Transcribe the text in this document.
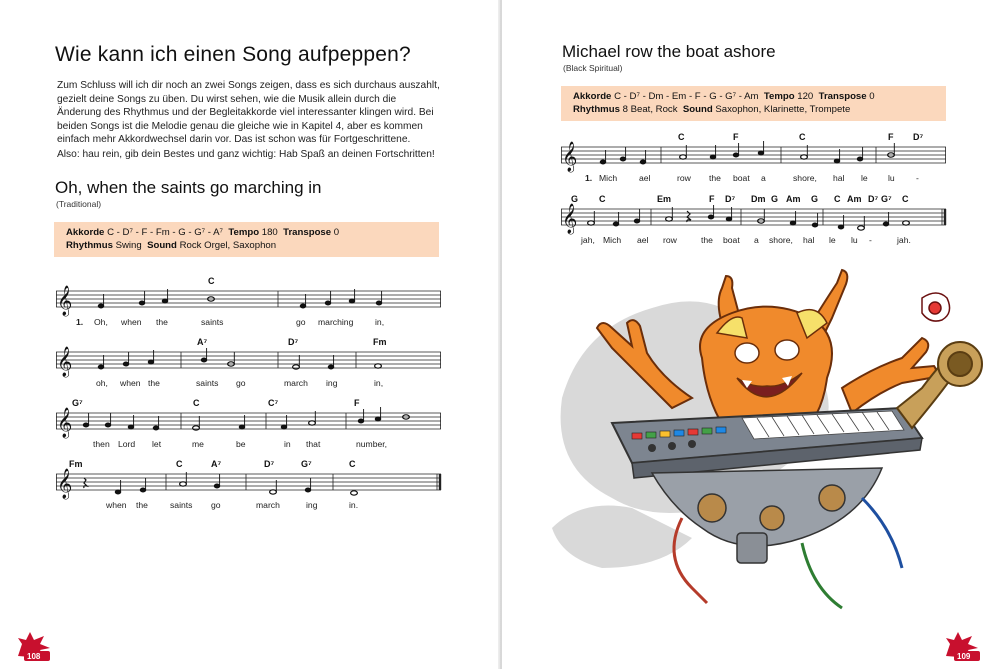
Wie kann ich einen Song aufpeppen?

Zum Schluss will ich dir noch an zwei Songs zeigen, dass es sich durchaus auszahlt, gezielt deine Songs zu üben. Du wirst sehen, wie die Musik allein durch die Änderung des Rhythmus und der Begleitakkorde viel interessanter klingen wird. Bei beiden Songs ist die Melodie genau die gleiche wie in Kapitel 4, aber es kommen einfach mehr Akkordwechsel darin vor. Das ist schon was für Fortgeschrittene.

Also: hau rein, gib dein Bestes und ganz wichtig: Hab Spaß an deinen Fortschritten!

Oh, when the saints go marching in
(Traditional)
Akkorde C - D⁷ - F - Fm - G - G⁷ - A⁷ Tempo 180 Transpose 0
Rhythmus Swing Sound Rock Orgel, Saxophon
𝄞
C
1. Oh, when the	saints	go marching	in,
𝄞
A⁷	D⁷	Fm
oh, when the	saints go	march ing	in,
𝄞
G⁷	C	C⁷	F
then Lord let	me	be	in that	number,
𝄞
Fm	C	A⁷	D⁷	G⁷	C
when the	saints go	march	ing	in.
108
Michael row the boat ashore
(Black Spiritual)
Akkorde C - D⁷ - Dm - Em - F - G - G⁷ - Am Tempo 120 Transpose 0
Rhythmus 8 Beat, Rock Sound Saxophon, Klarinette, Trompete
𝄞
C	F	C	F D⁷
1. Mich	ael	row the boat a	shore, hal le lu -
𝄞
G C	Em	F D⁷ Dm G Am G C Am D⁷ G⁷ C
jah, Mich ael row	the boat a shore, hal le lu -	jah.
109
